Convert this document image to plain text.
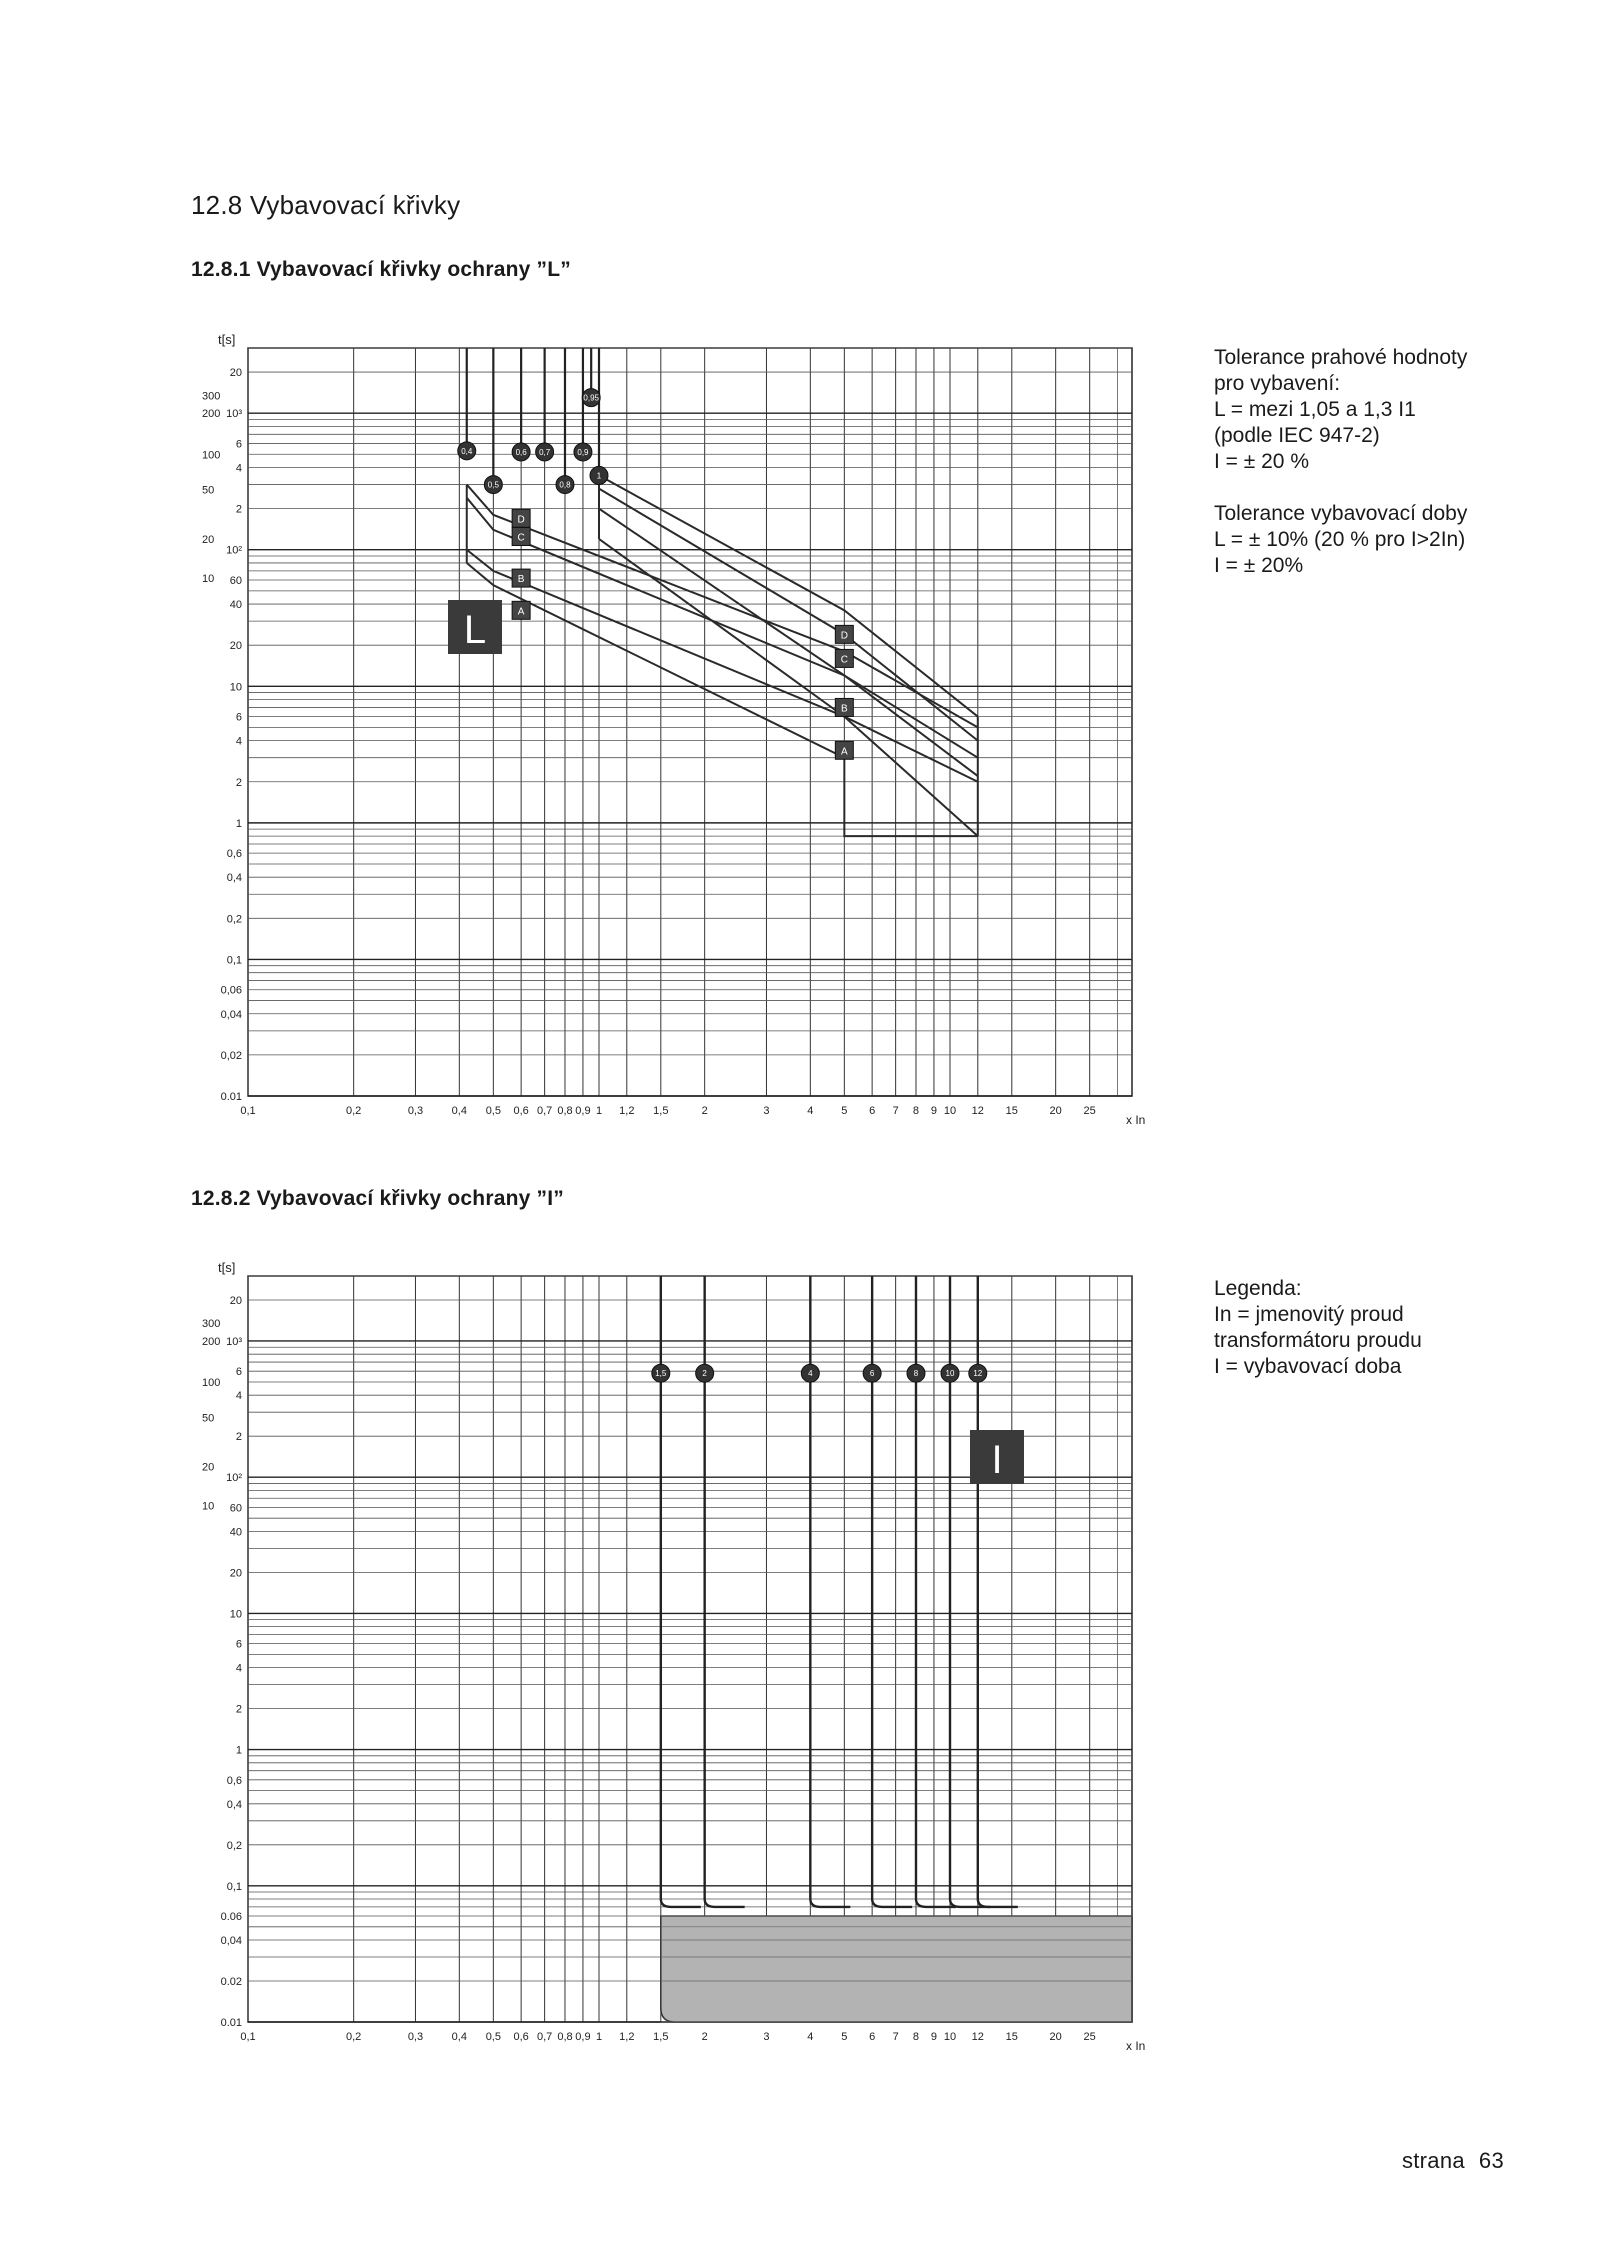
12.8 Vybavovací křivky
12.8.1 Vybavovací křivky ochrany ”L”
12.8.2 Vybavovací křivky ochrany ”I”
0,1	0,2	0,3	0,4 0,5 0,6 0,7 0,8 0,9 1 1,2 1,5	2	3	4	5 6 7 8 9 10 12 15	20 25
0.01
0,02
0,04
0,06
0,1
0,2
0,4
0,6
1
2
4
6
10
20
40
60
10²
2
4
6
10³
20
300
200
100
50
20
10
t[s]
x In
0,4
0,5
0,6 0,7
0,8
0,9
0,95
1
D
C
B
A
D
C
B
A
L
0,1	0,2	0,3	0,4 0,5 0,6 0,7 0,8 0,9 1 1,2 1,5	2	3	4	5 6 7 8 9 10 12 15	20 25
0.01
0.02
0,04
0.06
0,1
0,2
0,4
0,6
1
2
4
6
10
20
40
60
10²
2
4
6
10³
20
300
200
100
50
20
10
t[s]
x In
1,5	2	4	6	8	10 12
I

Tolerance prahové hodnoty
pro vybavení:
L = mezi 1,05 a 1,3 I1
(podle IEC 947-2)
I = ± 20 %

Tolerance vybavovací doby
L = ± 10% (20 % pro I>2In)
I = ± 20%

Legenda:
In = jmenovitý proud
transformátoru proudu
I = vybavovací doba

strana 63
